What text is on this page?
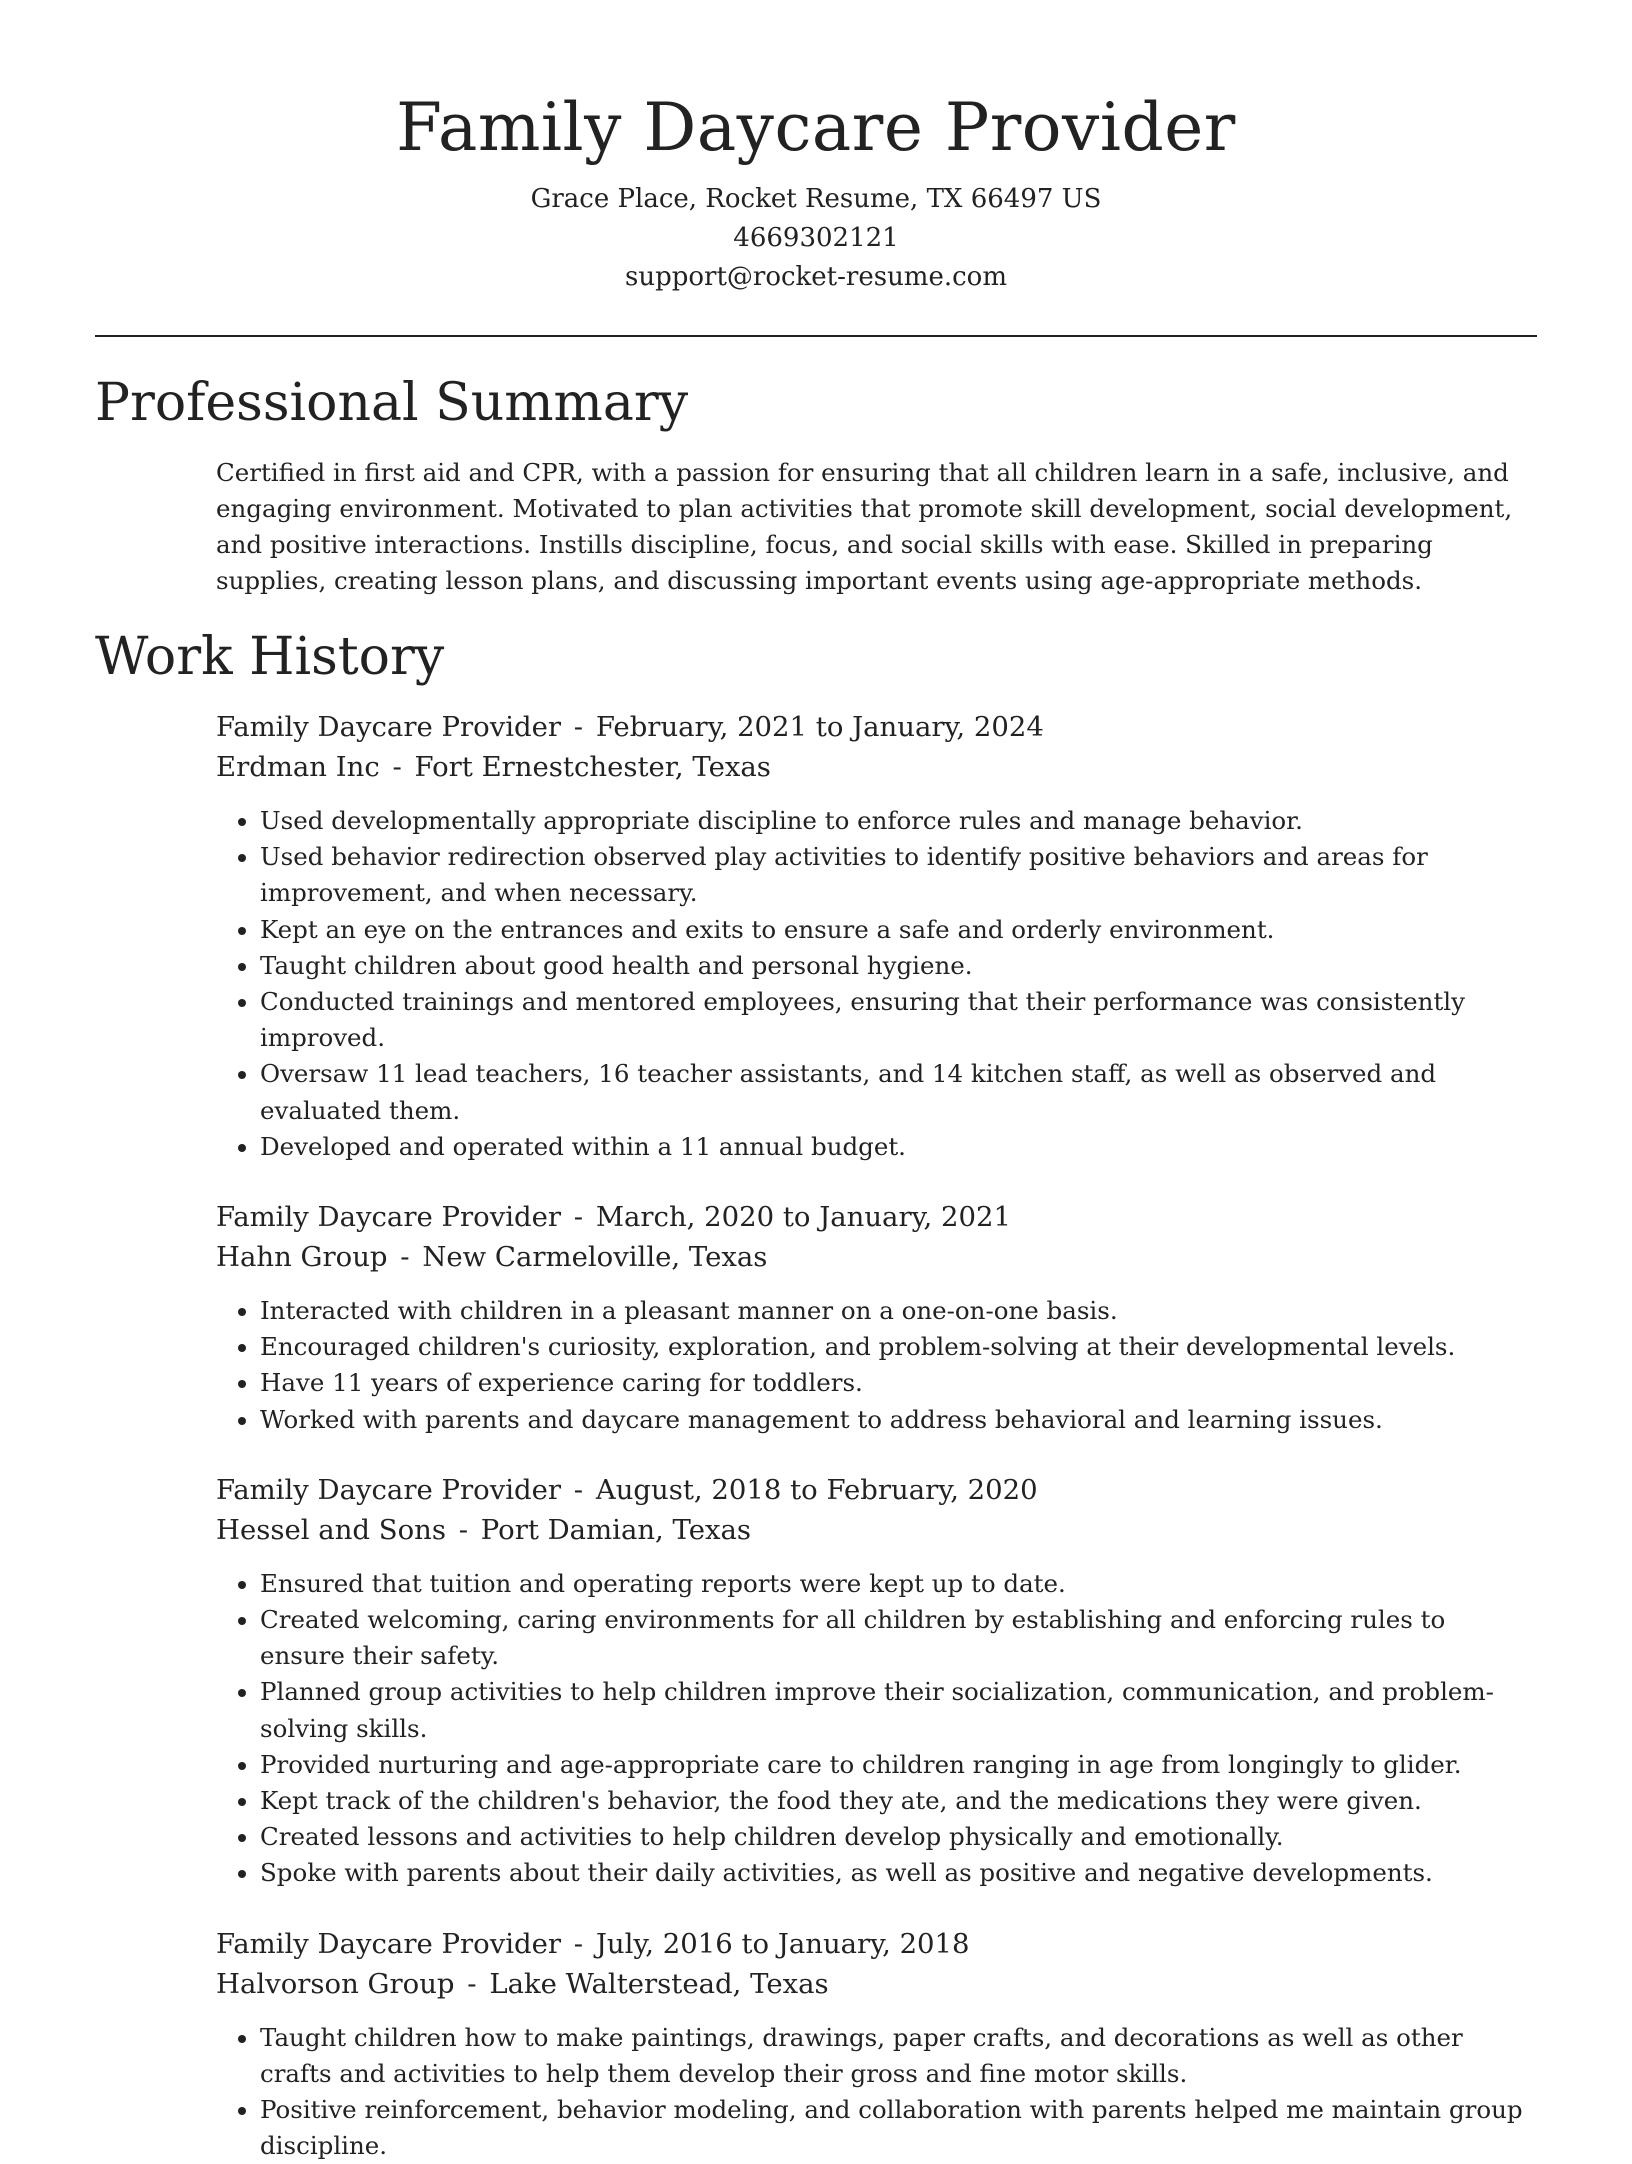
Family Daycare Provider
Grace Place, Rocket Resume, TX 66497 US
4669302121
support@rocket-resume.com
Professional Summary

Certified in first aid and CPR, with a passion for ensuring that all children learn in a safe, inclusive, and engaging environment. Motivated to plan activities that promote skill development, social development, and positive interactions. Instills discipline, focus, and social skills with ease. Skilled in preparing supplies, creating lesson plans, and discussing important events using age-appropriate methods.

Work History
Family Daycare Provider - February, 2021 to January, 2024
Erdman Inc - Fort Ernestchester, Texas
• Used developmentally appropriate discipline to enforce rules and manage behavior.
• Used behavior redirection observed play activities to identify positive behaviors and areas for improvement, and when necessary.
• Kept an eye on the entrances and exits to ensure a safe and orderly environment.
• Taught children about good health and personal hygiene.
• Conducted trainings and mentored employees, ensuring that their performance was consistently improved.
• Oversaw 11 lead teachers, 16 teacher assistants, and 14 kitchen staff, as well as observed and evaluated them.
• Developed and operated within a 11 annual budget.
Family Daycare Provider - March, 2020 to January, 2021
Hahn Group - New Carmeloville, Texas
• Interacted with children in a pleasant manner on a one-on-one basis.
• Encouraged children's curiosity, exploration, and problem-solving at their developmental levels.
• Have 11 years of experience caring for toddlers.
• Worked with parents and daycare management to address behavioral and learning issues.
Family Daycare Provider - August, 2018 to February, 2020
Hessel and Sons - Port Damian, Texas
• Ensured that tuition and operating reports were kept up to date.
• Created welcoming, caring environments for all children by establishing and enforcing rules to ensure their safety.
• Planned group activities to help children improve their socialization, communication, and problem-solving skills.
• Provided nurturing and age-appropriate care to children ranging in age from longingly to glider.
• Kept track of the children's behavior, the food they ate, and the medications they were given.
• Created lessons and activities to help children develop physically and emotionally.
• Spoke with parents about their daily activities, as well as positive and negative developments.
Family Daycare Provider - July, 2016 to January, 2018
Halvorson Group - Lake Walterstead, Texas
• Taught children how to make paintings, drawings, paper crafts, and decorations as well as other crafts and activities to help them develop their gross and fine motor skills.
• Positive reinforcement, behavior modeling, and collaboration with parents helped me maintain group discipline.
